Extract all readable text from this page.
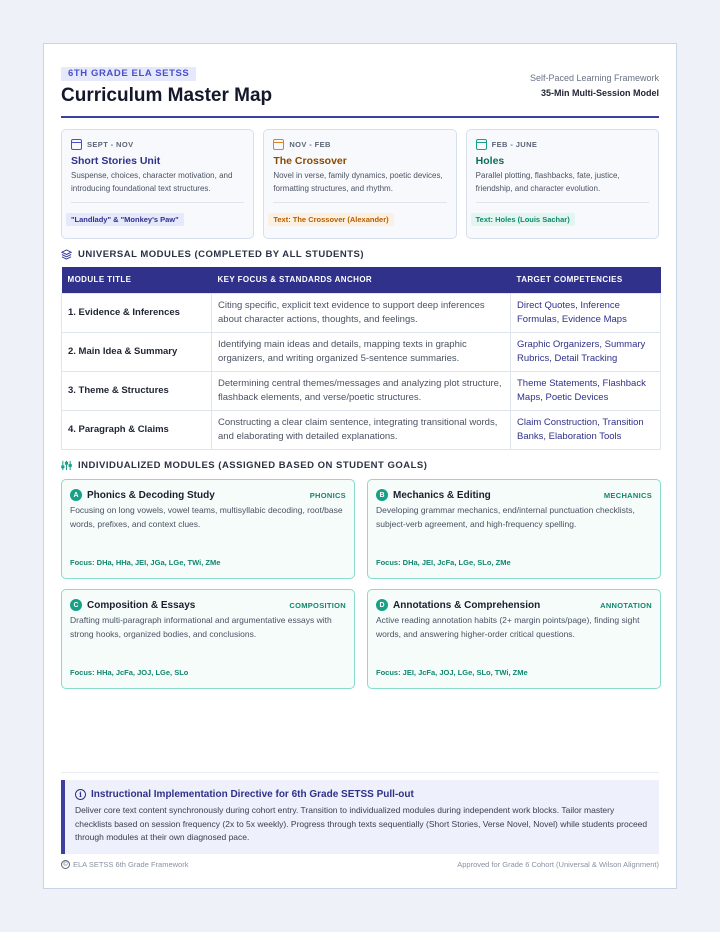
6TH GRADE ELA SETSS
Curriculum Master Map
Self-Paced Learning Framework
35-Min Multi-Session Model
SEPT - NOV
Short Stories Unit
Suspense, choices, character motivation, and introducing foundational text structures.
"Landlady" & "Monkey's Paw"
NOV - FEB
The Crossover
Novel in verse, family dynamics, poetic devices, formatting structures, and rhythm.
Text: The Crossover (Alexander)
FEB - JUNE
Holes
Parallel plotting, flashbacks, fate, justice, friendship, and character evolution.
Text: Holes (Louis Sachar)
UNIVERSAL MODULES (COMPLETED BY ALL STUDENTS)
MODULE TITLE	KEY FOCUS & STANDARDS ANCHOR	TARGET COMPETENCIES
1. Evidence & Inferences	Citing specific, explicit text evidence to support deep inferences about character actions, thoughts, and feelings.	Direct Quotes, Inference Formulas, Evidence Maps
2. Main Idea & Summary	Identifying main ideas and details, mapping texts in graphic organizers, and writing organized 5-sentence summaries.	Graphic Organizers, Summary Rubrics, Detail Tracking
3. Theme & Structures	Determining central themes/messages and analyzing plot structure, flashback elements, and verse/poetic structures.	Theme Statements, Flashback Maps, Poetic Devices
4. Paragraph & Claims	Constructing a clear claim sentence, integrating transitional words, and elaborating with detailed explanations.	Claim Construction, Transition Banks, Elaboration Tools
INDIVIDUALIZED MODULES (ASSIGNED BASED ON STUDENT GOALS)
A Phonics & Decoding Study	PHONICS
Focusing on long vowels, vowel teams, multisyllabic decoding, root/base words, prefixes, and context clues.
Focus: DHa, HHa, JEI, JGa, LGe, TWi, ZMe
B Mechanics & Editing	MECHANICS
Developing grammar mechanics, end/internal punctuation checklists, subject-verb agreement, and high-frequency spelling.
Focus: DHa, JEI, JcFa, LGe, SLo, ZMe
C Composition & Essays	COMPOSITION
Drafting multi-paragraph informational and argumentative essays with strong hooks, organized bodies, and conclusions.
Focus: HHa, JcFa, JOJ, LGe, SLo
D Annotations & Comprehension	ANNOTATION
Active reading annotation habits (2+ margin points/page), finding sight words, and answering higher-order critical questions.
Focus: JEI, JcFa, JOJ, LGe, SLo, TWi, ZMe
i Instructional Implementation Directive for 6th Grade SETSS Pull-out
Deliver core text content synchronously during cohort entry. Transition to individualized modules during independent work blocks. Tailor mastery checklists based on session frequency (2x to 5x weekly). Progress through texts sequentially (Short Stories, Verse Novel, Novel) while students proceed through modules at their own diagnosed pace.
© ELA SETSS 6th Grade Framework	Approved for Grade 6 Cohort (Universal & Wilson Alignment)
